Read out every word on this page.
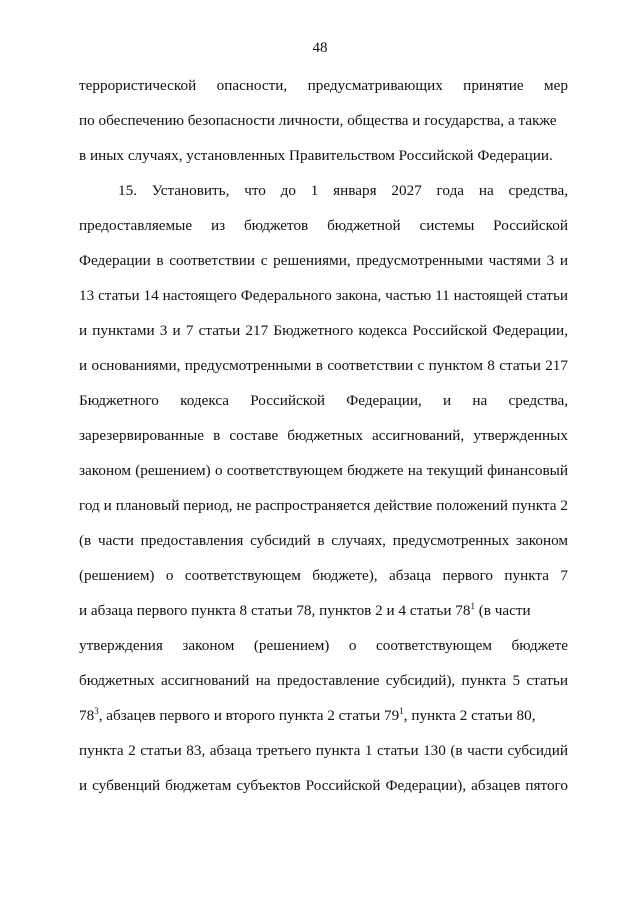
48
террористической опасности, предусматривающих принятие мер
по обеспечению безопасности личности, общества и государства, а также
в иных случаях, установленных Правительством Российской Федерации.
15. Установить, что до 1 января 2027 года на средства,
предоставляемые из бюджетов бюджетной системы Российской
Федерации в соответствии с решениями, предусмотренными частями 3 и
13 статьи 14 настоящего Федерального закона, частью 11 настоящей статьи
и пунктами 3 и 7 статьи 217 Бюджетного кодекса Российской Федерации,
и основаниями, предусмотренными в соответствии с пунктом 8 статьи 217
Бюджетного кодекса Российской Федерации, и на средства,
зарезервированные в составе бюджетных ассигнований, утвержденных
законом (решением) о соответствующем бюджете на текущий финансовый
год и плановый период, не распространяется действие положений пункта 2
(в части предоставления субсидий в случаях, предусмотренных законом
(решением) о соответствующем бюджете), абзаца первого пункта 7
и абзаца первого пункта 8 статьи 78, пунктов 2 и 4 статьи $78^1$ (в части
утверждения законом (решением) о соответствующем бюджете
бюджетных ассигнований на предоставление субсидий), пункта 5 статьи
$78^3$, абзацев первого и второго пункта 2 статьи $79^1$, пункта 2 статьи 80,
пункта 2 статьи 83, абзаца третьего пункта 1 статьи 130 (в части субсидий
и субвенций бюджетам субъектов Российской Федерации), абзацев пятого
